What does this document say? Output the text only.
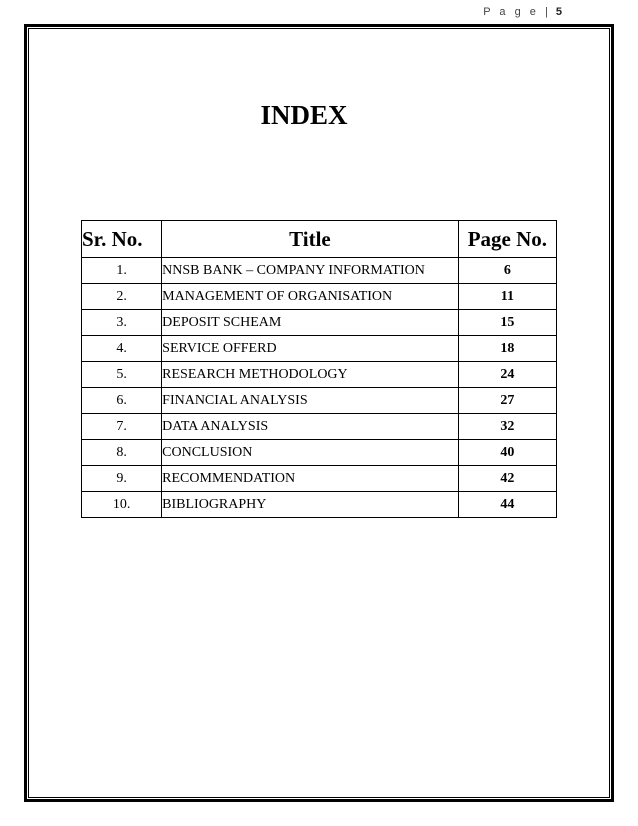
P a g e | 5
INDEX
Sr. No.	Title	Page No.
1.	NNSB BANK – COMPANY INFORMATION	6
2.	MANAGEMENT OF ORGANISATION	11
3.	DEPOSIT SCHEAM	15
4.	SERVICE OFFERD	18
5.	RESEARCH METHODOLOGY	24
6.	FINANCIAL ANALYSIS	27
7.	DATA ANALYSIS	32
8.	CONCLUSION	40
9.	RECOMMENDATION	42
10.	BIBLIOGRAPHY	44
